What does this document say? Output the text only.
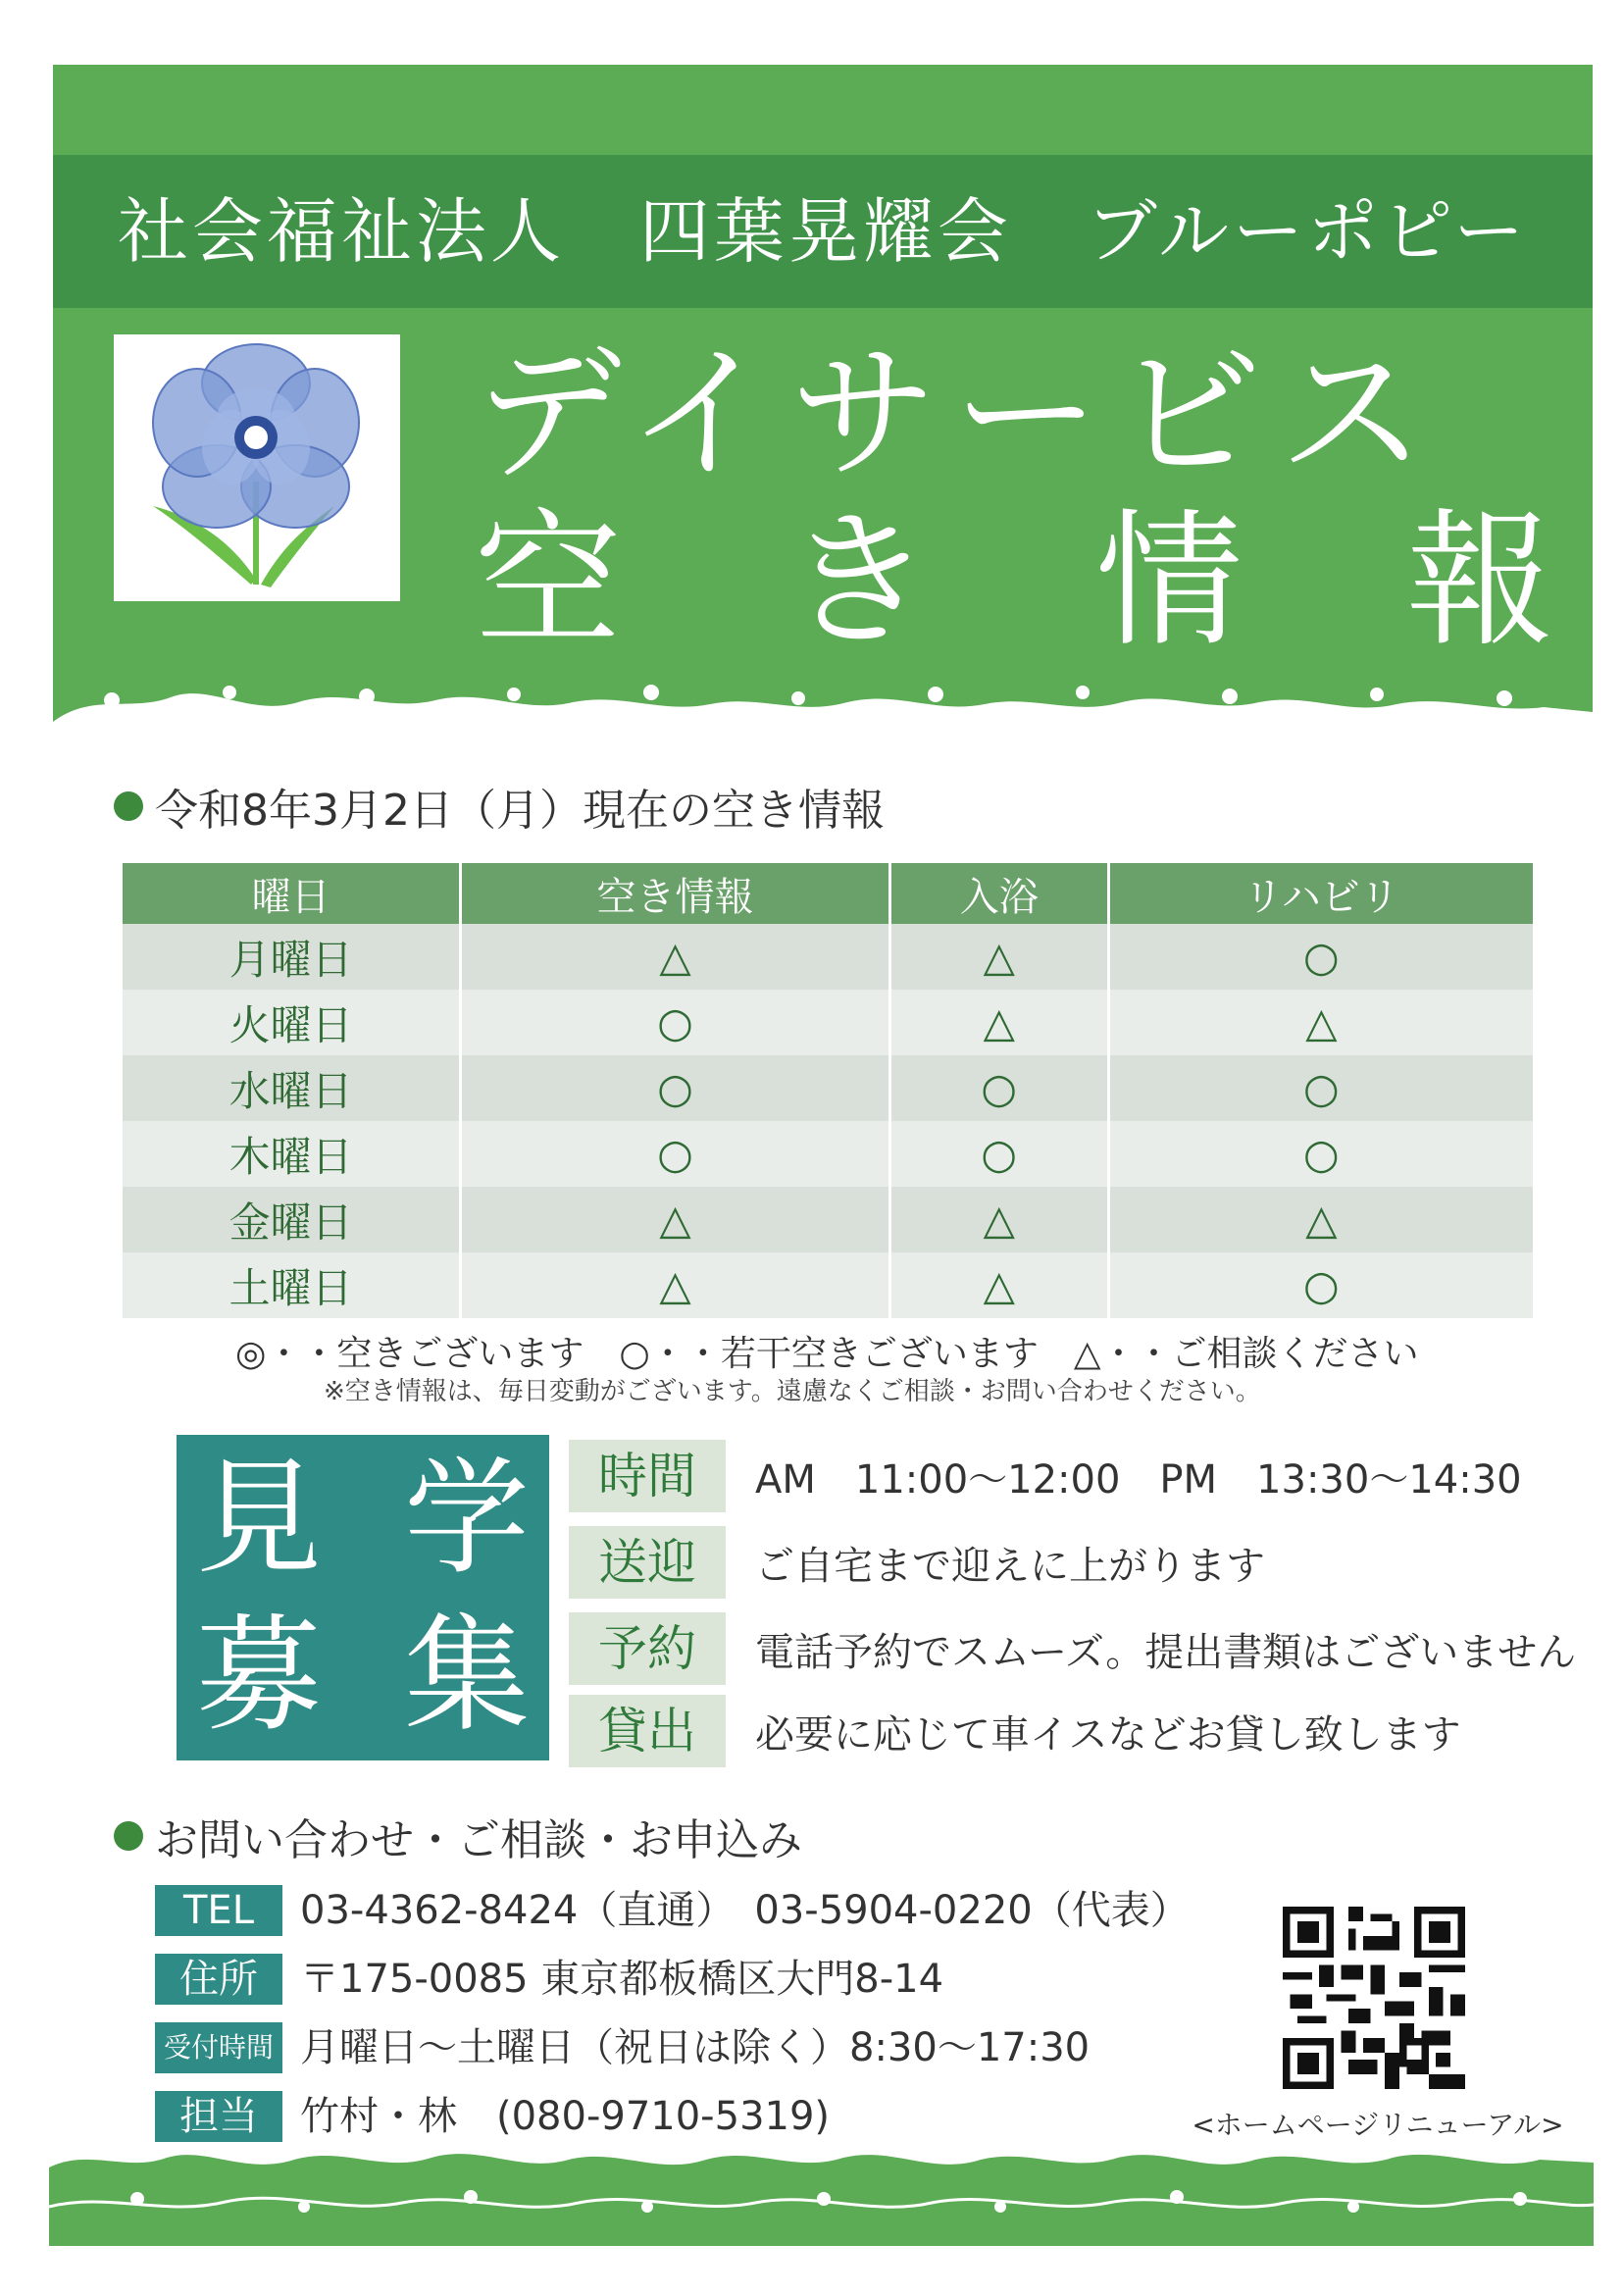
社会福祉法人　四葉晃耀会　ブルーポピー
デイサービス
空 き 情 報
令和8年3月2日（月）現在の空き情報
曜日	空き情報	入浴	リハビリ
月曜日	△	△	○
火曜日	○	△	△
水曜日	○	○	○
木曜日	○	○	○
金曜日	△	△	△
土曜日	△	△	○
◎・・空きございます　○・・若干空きございます　△・・ご相談ください
※空き情報は、毎日変動がございます。遠慮なくご相談・お問い合わせください。
見 学
募 集
時間	AM　11:00〜12:00　PM　13:30〜14:30
送迎	ご自宅まで迎えに上がります
予約	電話予約でスムーズ。提出書類はございません
貸出	必要に応じて車イスなどお貸し致します
お問い合わせ・ご相談・お申込み
TEL	03-4362-8424（直通）　03-5904-0220（代表）
住所	〒175-0085 東京都板橋区大門8-14
受付時間 月曜日〜土曜日（祝日は除く）8:30〜17:30
担当	竹村・林　(080-9710-5319)	<ホームページリニューアル>
